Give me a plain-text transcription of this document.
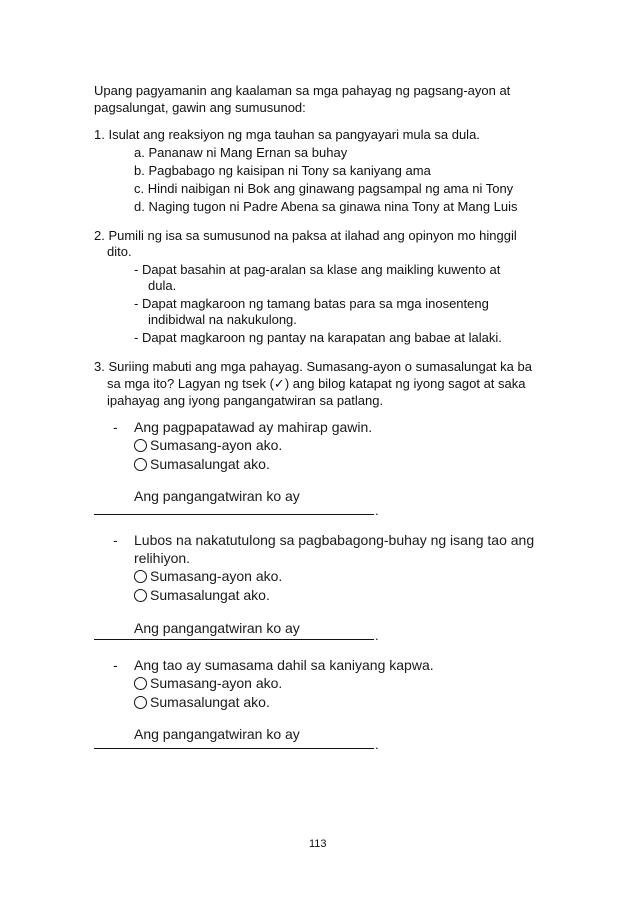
Upang pagyamanin ang kaalaman sa mga pahayag ng pagsang-ayon at
pagsalungat, gawin ang sumusunod:
1. Isulat ang reaksiyon ng mga tauhan sa pangyayari mula sa dula.
a. Pananaw ni Mang Ernan sa buhay
b. Pagbabago ng kaisipan ni Tony sa kaniyang ama
c. Hindi naibigan ni Bok ang ginawang pagsampal ng ama ni Tony
d. Naging tugon ni Padre Abena sa ginawa nina Tony at Mang Luis
2. Pumili ng isa sa sumusunod na paksa at ilahad ang opinyon mo hinggil
dito.
- Dapat basahin at pag-aralan sa klase ang maikling kuwento at
dula.
- Dapat magkaroon ng tamang batas para sa mga inosenteng
indibidwal na nakukulong.
- Dapat magkaroon ng pantay na karapatan ang babae at lalaki.
3. Suriing mabuti ang mga pahayag. Sumasang-ayon o sumasalungat ka ba
sa mga ito? Lagyan ng tsek (✓) ang bilog katapat ng iyong sagot at saka
ipahayag ang iyong pangangatwiran sa patlang.
- Ang pagpapatawad ay mahirap gawin.
Sumasang-ayon ako.
Sumasalungat ako.
Ang pangangatwiran ko ay
.
- Lubos na nakatutulong sa pagbabagong-buhay ng isang tao ang
relihiyon.
Sumasang-ayon ako.
Sumasalungat ako.
Ang pangangatwiran ko ay	.
- Ang tao ay sumasama dahil sa kaniyang kapwa.
Sumasang-ayon ako.
Sumasalungat ako.
Ang pangangatwiran ko ay
.
113
